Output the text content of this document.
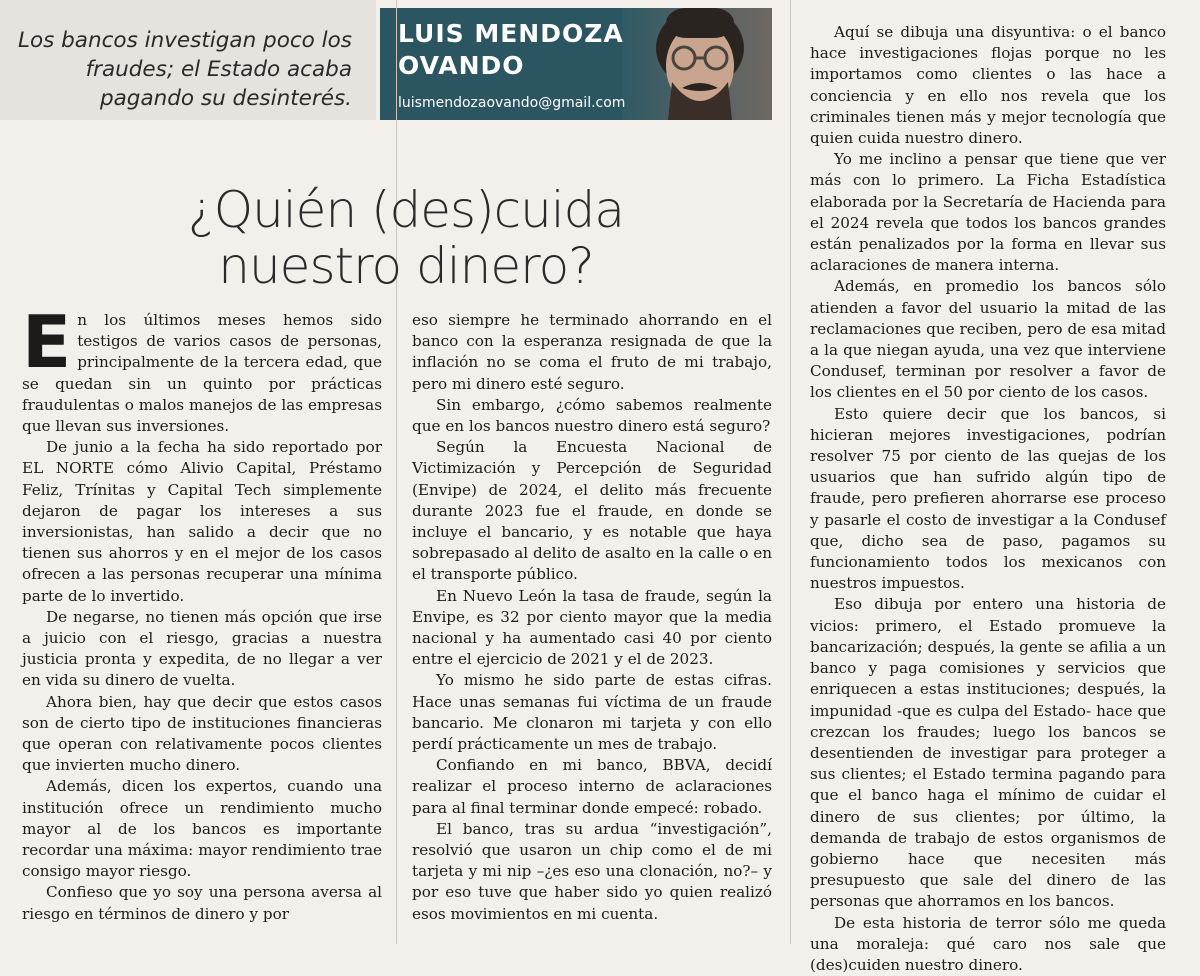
Los bancos investigan poco los fraudes; el Estado acaba pagando su desinterés.
LUIS MENDOZA OVANDO
luismendozaovando@gmail.com
¿Quién (des)cuida nuestro dinero?

En los últimos meses hemos sido testigos de varios casos de personas, principalmente de la tercera edad, que se quedan sin un quinto por prácticas fraudulentas o malos manejos de las empresas que llevan sus inversiones.

De junio a la fecha ha sido reportado por EL NORTE cómo Alivio Capital, Préstamo Feliz, Trínitas y Capital Tech simplemente dejaron de pagar los intereses a sus inversionistas, han salido a decir que no tienen sus ahorros y en el mejor de los casos ofrecen a las personas recuperar una mínima parte de lo invertido.

De negarse, no tienen más opción que irse a juicio con el riesgo, gracias a nuestra justicia pronta y expedita, de no llegar a ver en vida su dinero de vuelta.

Ahora bien, hay que decir que estos casos son de cierto tipo de instituciones financieras que operan con relativamente pocos clientes que invierten mucho dinero.

Además, dicen los expertos, cuando una institución ofrece un rendimiento mucho mayor al de los bancos es importante recordar una máxima: mayor rendimiento trae consigo mayor riesgo.

Confieso que yo soy una persona aversa al riesgo en términos de dinero y por

eso siempre he terminado ahorrando en el banco con la esperanza resignada de que la inflación no se coma el fruto de mi trabajo, pero mi dinero esté seguro.

Sin embargo, ¿cómo sabemos realmente que en los bancos nuestro dinero está seguro?

Según la Encuesta Nacional de Victimización y Percepción de Seguridad (Envipe) de 2024, el delito más frecuente durante 2023 fue el fraude, en donde se incluye el bancario, y es notable que haya sobrepasado al delito de asalto en la calle o en el transporte público.

En Nuevo León la tasa de fraude, según la Envipe, es 32 por ciento mayor que la media nacional y ha aumentado casi 40 por ciento entre el ejercicio de 2021 y el de 2023.

Yo mismo he sido parte de estas cifras. Hace unas semanas fui víctima de un fraude bancario. Me clonaron mi tarjeta y con ello perdí prácticamente un mes de trabajo.

Confiando en mi banco, BBVA, decidí realizar el proceso interno de aclaraciones para al final terminar donde empecé: robado.

El banco, tras su ardua “investigación”, resolvió que usaron un chip como el de mi tarjeta y mi nip –¿es eso una clonación, no?– y por eso tuve que haber sido yo quien realizó esos movimientos en mi cuenta.

Aquí se dibuja una disyuntiva: o el banco hace investigaciones flojas porque no les importamos como clientes o las hace a conciencia y en ello nos revela que los criminales tienen más y mejor tecnología que quien cuida nuestro dinero.

Yo me inclino a pensar que tiene que ver más con lo primero. La Ficha Estadística elaborada por la Secretaría de Hacienda para el 2024 revela que todos los bancos grandes están penalizados por la forma en llevar sus aclaraciones de manera interna.

Además, en promedio los bancos sólo atienden a favor del usuario la mitad de las reclamaciones que reciben, pero de esa mitad a la que niegan ayuda, una vez que interviene Condusef, terminan por resolver a favor de los clientes en el 50 por ciento de los casos.

Esto quiere decir que los bancos, si hicieran mejores investigaciones, podrían resolver 75 por ciento de las quejas de los usuarios que han sufrido algún tipo de fraude, pero prefieren ahorrarse ese proceso y pasarle el costo de investigar a la Condusef que, dicho sea de paso, pagamos su funcionamiento todos los mexicanos con nuestros impuestos.

Eso dibuja por entero una historia de vicios: primero, el Estado promueve la bancarización; después, la gente se afilia a un banco y paga comisiones y servicios que enriquecen a estas instituciones; después, la impunidad -que es culpa del Estado- hace que crezcan los fraudes; luego los bancos se desentienden de investigar para proteger a sus clientes; el Estado termina pagando para que el banco haga el mínimo de cuidar el dinero de sus clientes; por último, la demanda de trabajo de estos organismos de gobierno hace que necesiten más presupuesto que sale del dinero de las personas que ahorramos en los bancos.

De esta historia de terror sólo me queda una moraleja: qué caro nos sale que (des)cuiden nuestro dinero.
